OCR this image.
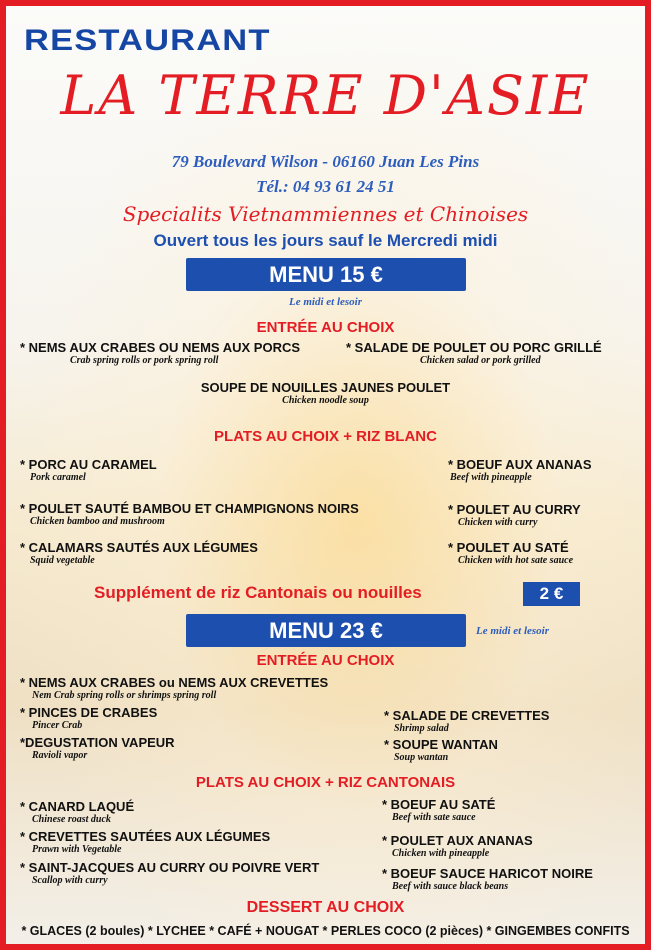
RESTAURANT
LA TERRE D'ASIE
79 Boulevard Wilson - 06160 Juan Les Pins
Tél.: 04 93 61 24 51
Specialits Vietnammiennes et Chinoises
Ouvert tous les jours sauf le Mercredi midi
MENU 15 €
Le midi et lesoir
ENTRÉE AU CHOIX
* NEMS AUX CRABES OU NEMS AUX PORCS
Crab spring rolls or pork spring roll
* SALADE DE POULET OU PORC GRILLÉ
Chicken salad or pork grilled
SOUPE DE NOUILLES JAUNES POULET
Chicken noodle soup
PLATS AU CHOIX + RIZ BLANC
* PORC AU CARAMEL
Pork caramel
* POULET SAUTÉ BAMBOU ET CHAMPIGNONS NOIRS
Chicken bamboo and mushroom
* CALAMARS SAUTÉS AUX LÉGUMES
Squid vegetable
* BOEUF AUX ANANAS
Beef with pineapple
* POULET AU CURRY
Chicken with curry
* POULET AU SATÉ
Chicken with hot sate sauce
Supplément de riz Cantonais ou nouilles	2 €
MENU 23 €	Le midi et lesoir
ENTRÉE AU CHOIX
* NEMS AUX CRABES ou NEMS AUX CREVETTES
Nem Crab spring rolls or shrimps spring roll
* PINCES DE CRABES
Pincer Crab
*DEGUSTATION VAPEUR
Ravioli vapor
* SALADE DE CREVETTES
Shrimp salad
* SOUPE WANTAN
Soup wantan
PLATS AU CHOIX + RIZ CANTONAIS
* CANARD LAQUÉ
Chinese roast duck
* CREVETTES SAUTÉES AUX LÉGUMES
Prawn with Vegetable
* SAINT-JACQUES AU CURRY OU POIVRE VERT
Scallop with curry
* BOEUF AU SATÉ
Beef with sate sauce
* POULET AUX ANANAS
Chicken with pineapple
* BOEUF SAUCE HARICOT NOIRE
Beef with sauce black beans
DESSERT AU CHOIX
* GLACES (2 boules) * LYCHEE * CAFÉ + NOUGAT * PERLES COCO (2 pièces) * GINGEMBES CONFITS
